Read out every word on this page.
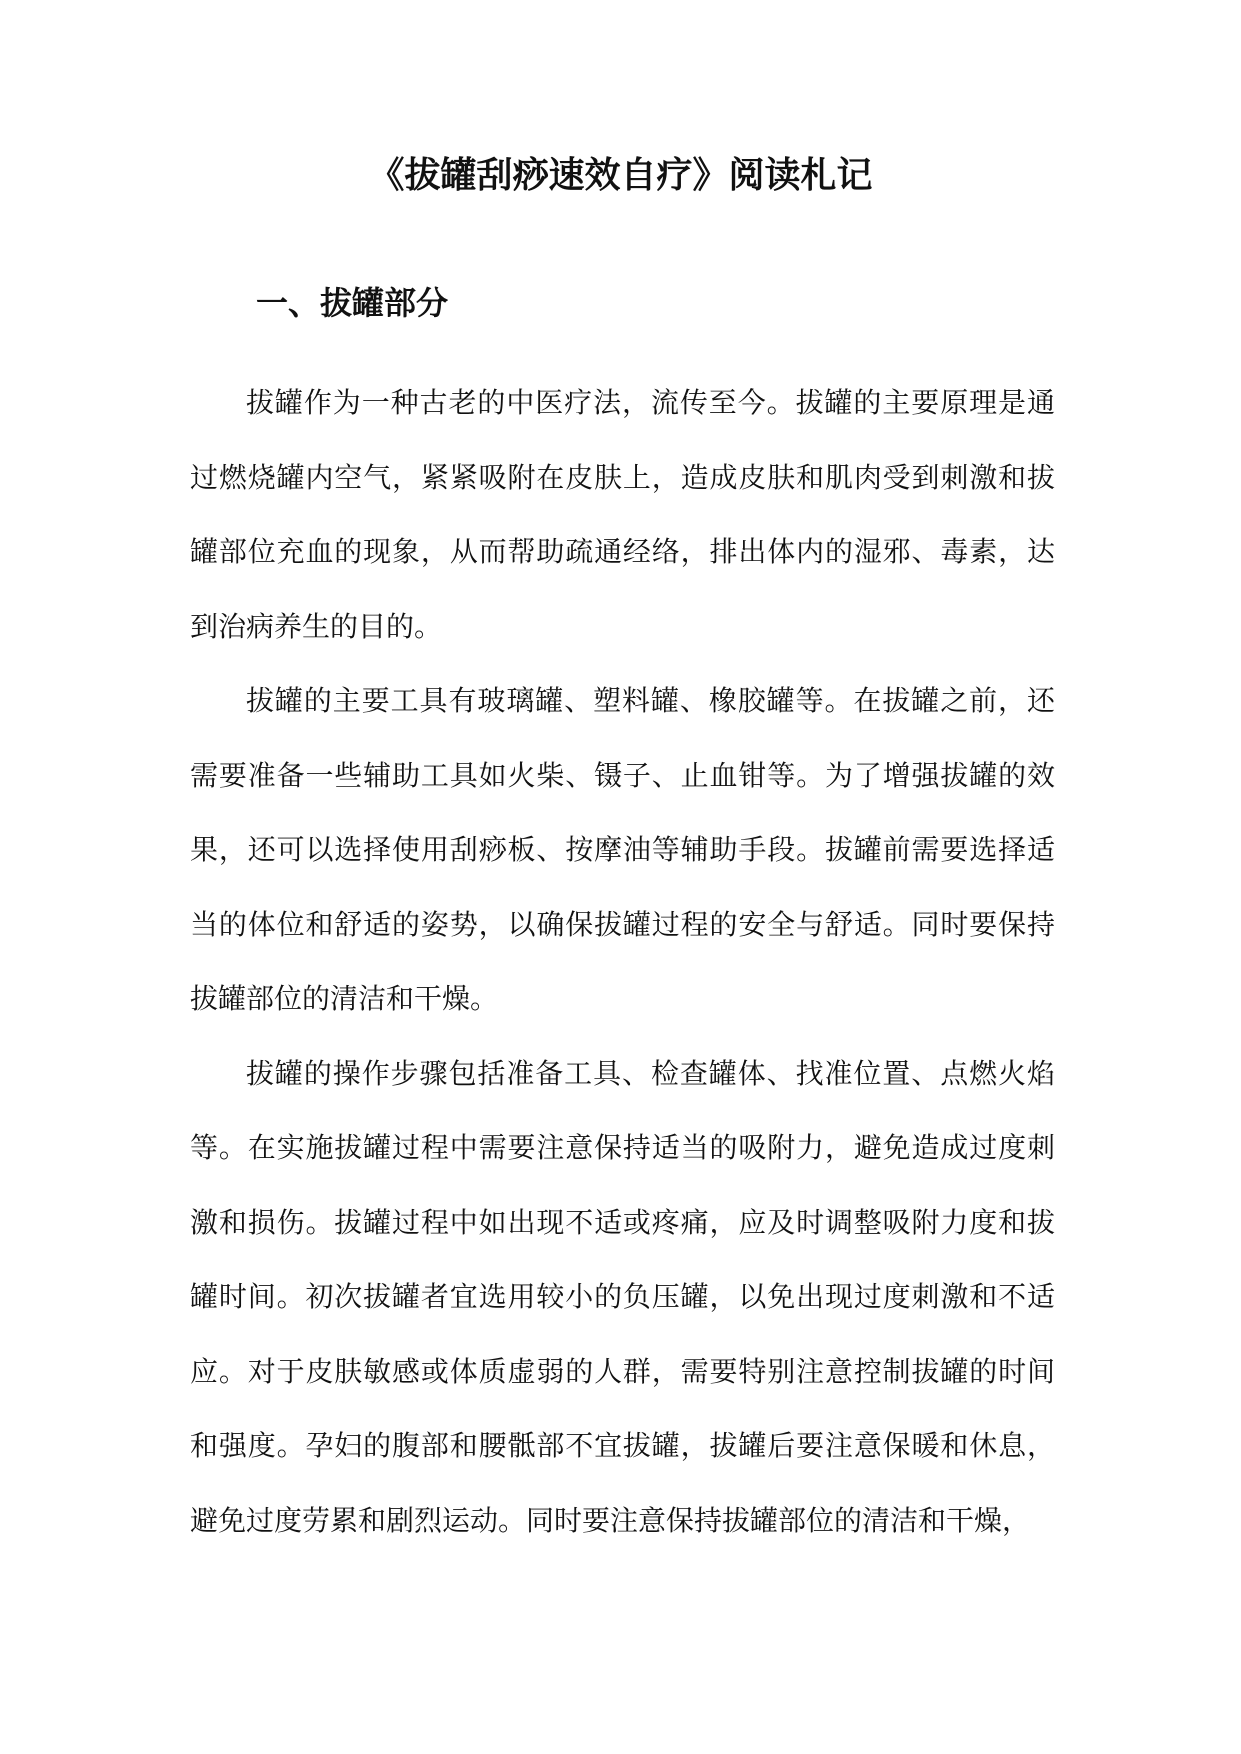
《拔罐刮痧速效自疗》阅读札记
一、拔罐部分

拔罐作为一种古老的中医疗法，流传至今。拔罐的主要原理是通过燃烧罐内空气，紧紧吸附在皮肤上，造成皮肤和肌肉受到刺激和拔罐部位充血的现象，从而帮助疏通经络，排出体内的湿邪、毒素，达到治病养生的目的。

拔罐的主要工具有玻璃罐、塑料罐、橡胶罐等。在拔罐之前，还需要准备一些辅助工具如火柴、镊子、止血钳等。为了增强拔罐的效果，还可以选择使用刮痧板、按摩油等辅助手段。拔罐前需要选择适当的体位和舒适的姿势，以确保拔罐过程的安全与舒适。同时要保持拔罐部位的清洁和干燥。

拔罐的操作步骤包括准备工具、检查罐体、找准位置、点燃火焰等。在实施拔罐过程中需要注意保持适当的吸附力，避免造成过度刺激和损伤。拔罐过程中如出现不适或疼痛，应及时调整吸附力度和拔罐时间。初次拔罐者宜选用较小的负压罐，以免出现过度刺激和不适应。对于皮肤敏感或体质虚弱的人群，需要特别注意控制拔罐的时间和强度。孕妇的腹部和腰骶部不宜拔罐，拔罐后要注意保暖和休息，避免过度劳累和剧烈运动。同时要注意保持拔罐部位的清洁和干燥，
